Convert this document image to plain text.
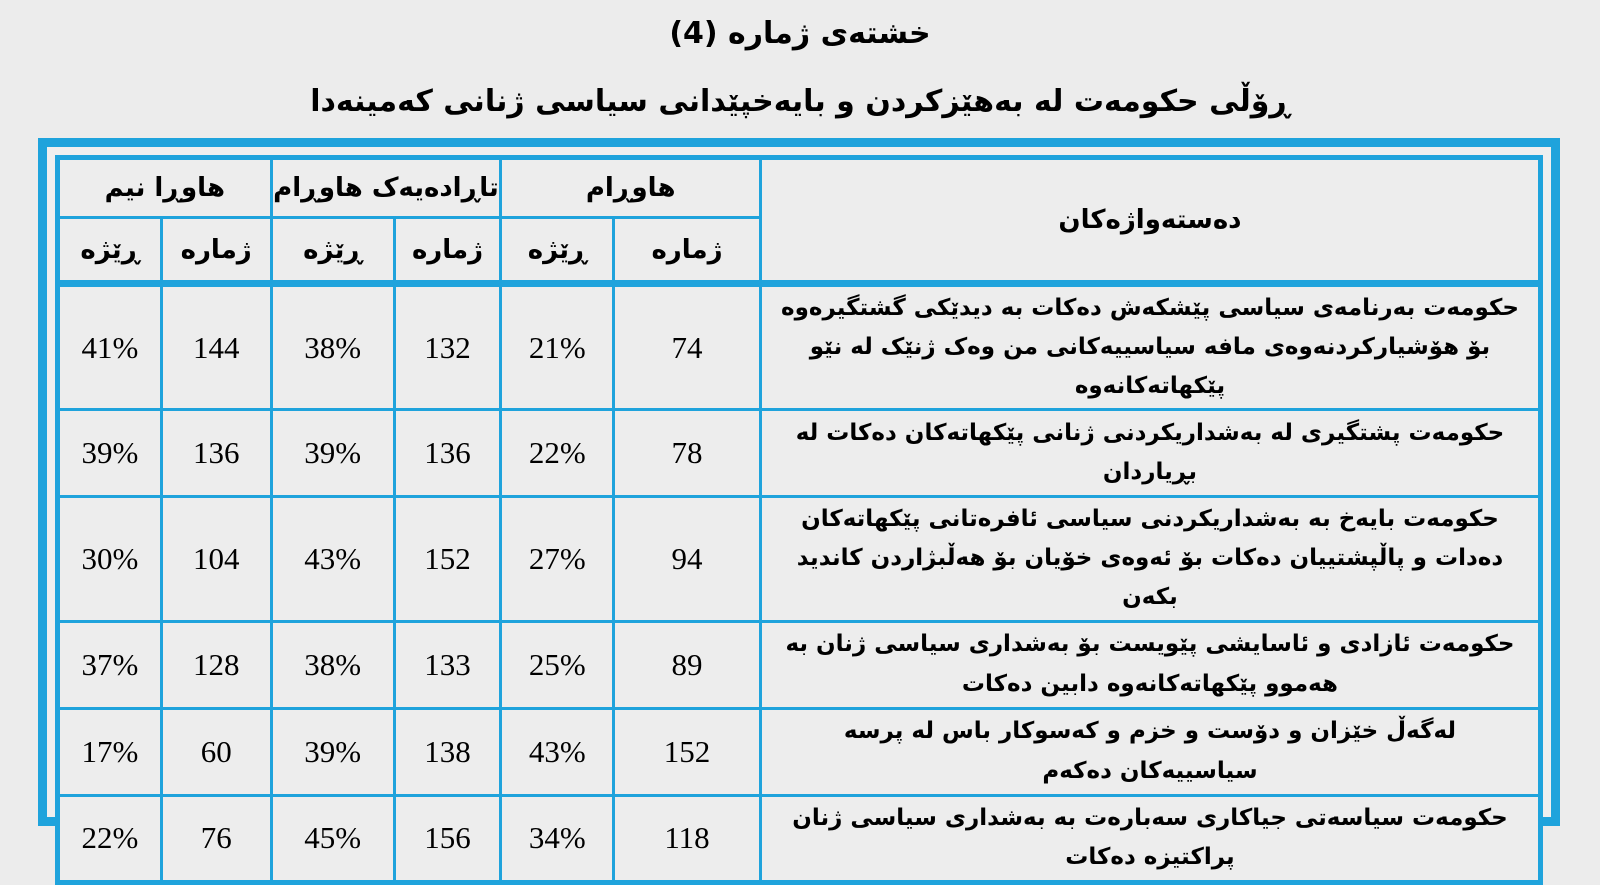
خشته‌ی ژماره (4)
ڕۆڵی حكومه‌ت له‌ به‌هێزكردن و بایه‌خپێدانی سیاسی ژنانی كه‌مینه‌دا
ده‌سته‌واژه‌كان	هاوڕام		تاڕاده‌یه‌ک هاوڕام		هاوڕا نیم	
	ژماره	ڕێژه	ژماره	ڕێژه	ژماره	ڕێژه
حكومه‌ت به‌رنامه‌ی سیاسی پێشكه‌ش ده‌كات به‌ دیدێكی گشتگیره‌وه‌ بۆ هۆشیاركردنه‌وه‌ی مافه‌ سیاسییه‌كانی من وه‌ک ژنێک له‌ نێو پێكهاته‌كانه‌وه‌	74	21%	132	38%	144	41%
حكومه‌ت پشتگیری له‌ به‌شداریكردنی ژنانی پێكهاته‌كان ده‌كات له‌ بڕیاردان	78	22%	136	39%	136	39%
حكومه‌ت بایه‌خ به‌ به‌شداریكردنی سیاسی ئافره‌تانی پێكهاته‌كان ده‌دات و پاڵپشتییان ده‌كات بۆ ئه‌وه‌ی خۆیان بۆ هه‌ڵبژاردن كاندید بكه‌ن	94	27%	152	43%	104	30%
حكومه‌ت ئازادی و ئاسایشی پێویست بۆ به‌شداری سیاسی ژنان به‌ هه‌موو پێكهاته‌كانه‌وه‌ دابین ده‌كات	89	25%	133	38%	128	37%
له‌گه‌ڵ خێزان و دۆست و خزم و كه‌سوكار باس له‌ پرسه‌ سیاسییه‌كان ده‌كه‌م	152	43%	138	39%	60	17%
حكومه‌ت سیاسه‌تی جیاكاری سه‌باره‌ت به‌ به‌شداری سیاسی ژنان پراكتیزه‌ ده‌كات	118	34%	156	45%	76	22%
